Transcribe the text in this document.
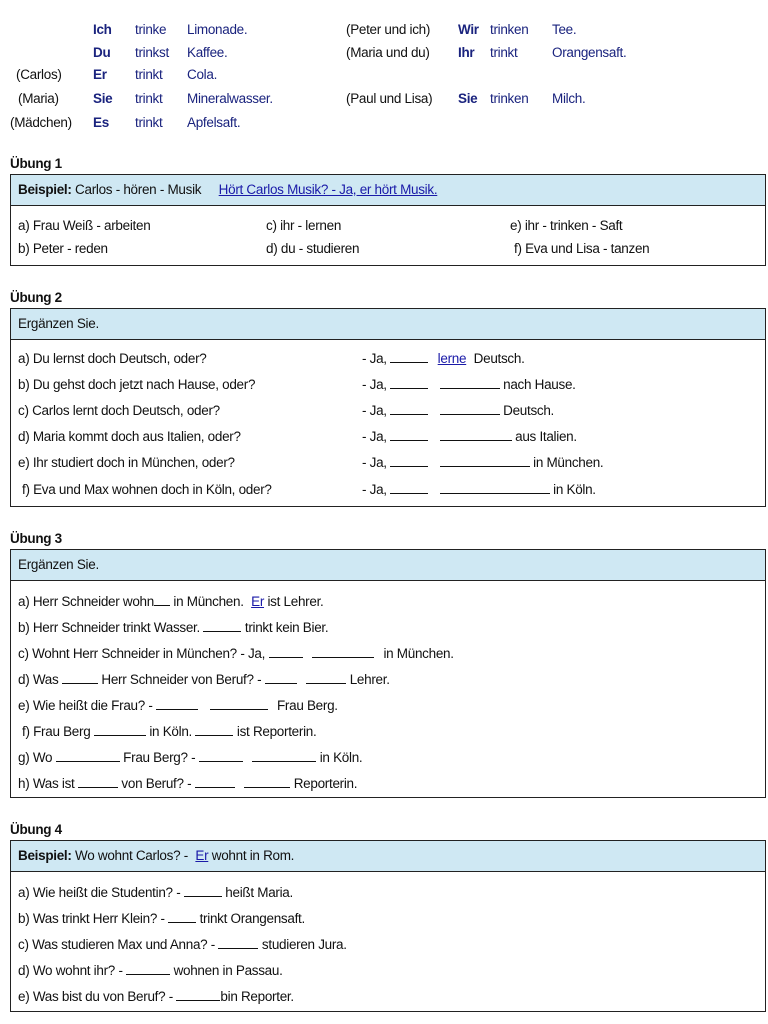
Ich trinke Limonade.
Du trinkst Kaffee.
(Carlos) Er trinkt Cola.
(Maria)	Sie trinkt Mineralwasser.
(Mädchen) Es trinkt Apfelsaft.
(Peter und ich) Wir trinken Tee.
(Maria und du) Ihr trinkt	Orangensaft.
(Paul und Lisa) Sie trinken Milch.
Übung 1
Beispiel: Carlos - hören - Musik Hört Carlos Musik? - Ja, er hört Musik.
a) Frau Weiß - arbeiten	c) ihr - lernen	e) ihr - trinken - Saft
b) Peter - reden	d) du - studieren	f) Eva und Lisa - tanzen
Übung 2
Ergänzen Sie.
a) Du lernst doch Deutsch, oder?	- Ja,	lerne Deutsch.
b) Du gehst doch jetzt nach Hause, oder?	- Ja,	nach Hause.
c) Carlos lernt doch Deutsch, oder?	- Ja,	Deutsch.
d) Maria kommt doch aus Italien, oder?	- Ja,	aus Italien.
e) Ihr studiert doch in München, oder?	- Ja,	in München.
f) Eva und Max wohnen doch in Köln, oder?	- Ja,	in Köln.
Übung 3
Ergänzen Sie.
a) Herr Schneider wohn in München. Er ist Lehrer.
b) Herr Schneider trinkt Wasser.	trinkt kein Bier.
c) Wohnt Herr Schneider in München? - Ja,	in München.
d) Was	Herr Schneider von Beruf? -	Lehrer.
e) Wie heißt die Frau? -	Frau Berg.
f) Frau Berg	in Köln.	ist Reporterin.
g) Wo	Frau Berg? -	in Köln.
h) Was ist	von Beruf? -	Reporterin.
Übung 4
Beispiel: Wo wohnt Carlos? - Er wohnt in Rom.
a) Wie heißt die Studentin? -	heißt Maria.
b) Was trinkt Herr Klein? -	trinkt Orangensaft.
c) Was studieren Max und Anna? -	studieren Jura.
d) Wo wohnt ihr? -	wohnen in Passau.
e) Was bist du von Beruf? -	bin Reporter.
